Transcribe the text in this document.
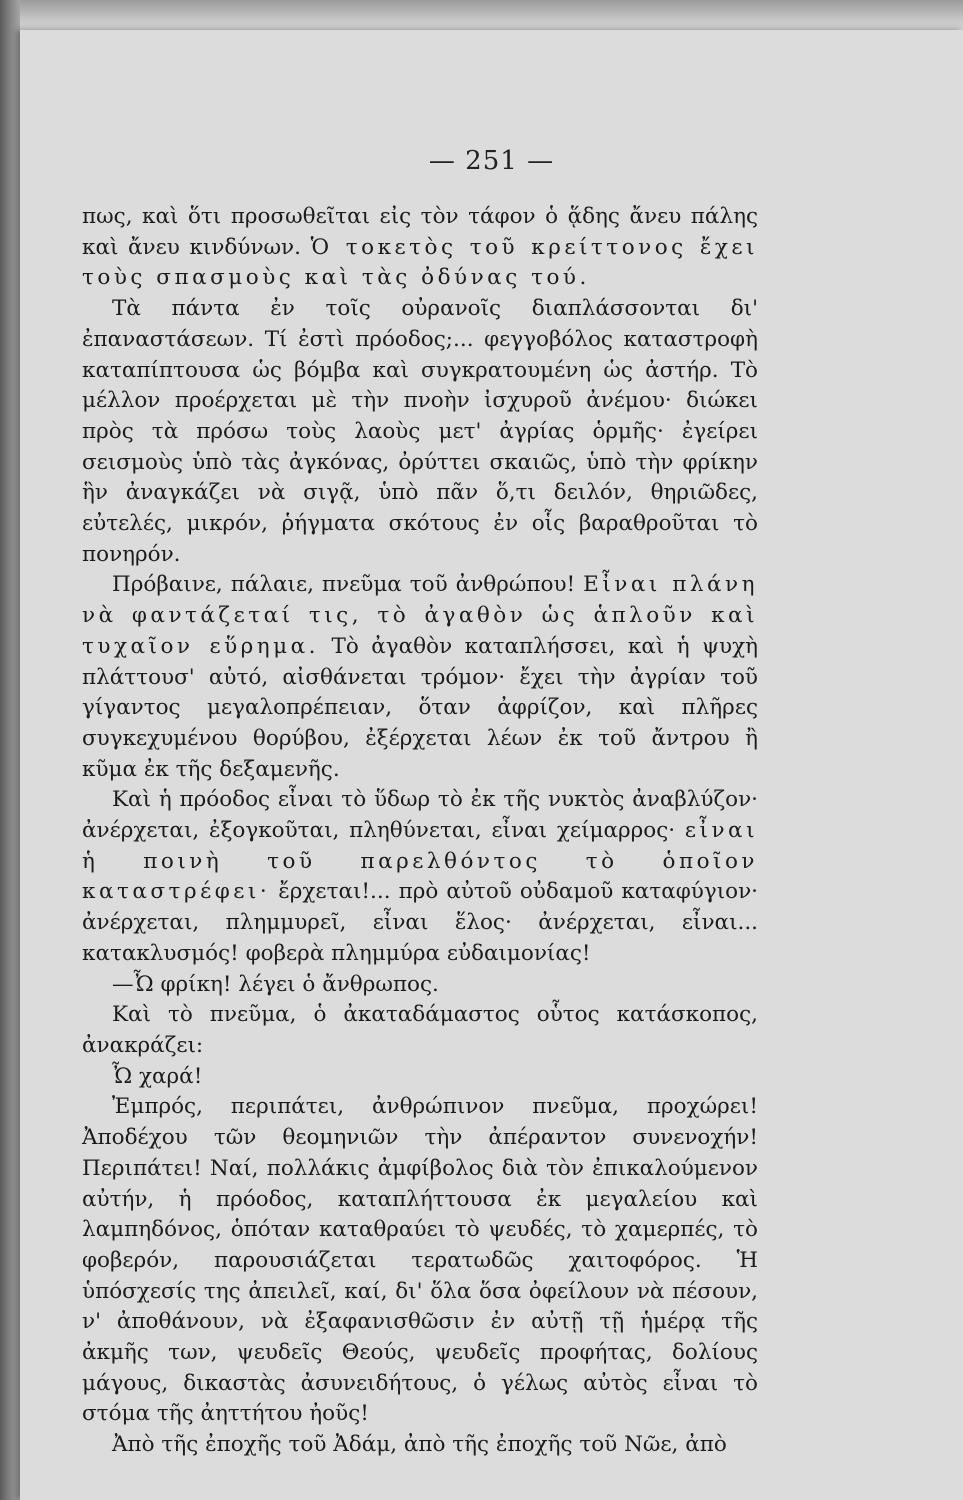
— 251 —

πως, καὶ ὅτι προσωθεῖται εἰς τὸν τάφον ὁ ᾅδης ἄνευ πάλης καὶ ἄνευ κινδύνων. Ὁ τοκετὸς τοῦ κρείττονος ἔχει τοὺς σπασμοὺς καὶ τὰς ὀδύνας τού.

Τὰ πάντα ἐν τοῖς οὐρανοῖς διαπλάσσονται δι' ἐπαναστάσεων. Τί ἐστὶ πρόοδος;... φεγγοβόλος καταστροφὴ καταπίπτουσα ὡς βόμβα καὶ συγκρατουμένη ὡς ἀστήρ. Τὸ μέλλον προέρχεται μὲ τὴν πνοὴν ἰσχυροῦ ἀνέμου· διώκει πρὸς τὰ πρόσω τοὺς λαοὺς μετ' ἀγρίας ὁρμῆς· ἐγείρει σεισμοὺς ὑπὸ τὰς ἀγκόνας, ὀρύττει σκαιῶς, ὑπὸ τὴν φρίκην ἣν ἀναγκάζει νὰ σιγᾷ, ὑπὸ πᾶν ὅ,τι δειλόν, θηριῶδες, εὐτελές, μικρόν, ῥήγματα σκότους ἐν οἷς βαραθροῦται τὸ πονηρόν.

Πρόβαινε, πάλαιε, πνεῦμα τοῦ ἀνθρώπου! Εἶναι πλάνη νὰ φαντάζεταί τις, τὸ ἀγαθὸν ὡς ἁπλοῦν καὶ τυχαῖον εὕρημα. Τὸ ἀγαθὸν καταπλήσσει, καὶ ἡ ψυχὴ πλάττουσ' αὐτό, αἰσθάνεται τρόμον· ἔχει τὴν ἀγρίαν τοῦ γίγαντος μεγαλοπρέπειαν, ὅταν ἀφρίζον, καὶ πλῆρες συγκεχυμένου θορύβου, ἐξέρχεται λέων ἐκ τοῦ ἄντρου ἢ κῦμα ἐκ τῆς δεξαμενῆς.

Καὶ ἡ πρόοδος εἶναι τὸ ὕδωρ τὸ ἐκ τῆς νυκτὸς ἀναβλύζον· ἀνέρχεται, ἐξογκοῦται, πληθύνεται, εἶναι χείμαρρος· εἶναι ἡ ποινὴ τοῦ παρελθόντος τὸ ὁποῖον καταστρέφει· ἔρχεται!... πρὸ αὐτοῦ οὐδαμοῦ καταφύγιον· ἀνέρχεται, πλημμυρεῖ, εἶναι ἕλος· ἀνέρχεται, εἶναι... κατακλυσμός! φοβερὰ πλημμύρα εὐδαιμονίας!

—Ὦ φρίκη! λέγει ὁ ἄνθρωπος.

Καὶ τὸ πνεῦμα, ὁ ἀκαταδάμαστος οὗτος κατάσκοπος, ἀνακράζει:

Ὦ χαρά!

Ἐμπρός, περιπάτει, ἀνθρώπινον πνεῦμα, προχώρει! Ἀποδέχου τῶν θεομηνιῶν τὴν ἀπέραντον συνενοχήν! Περιπάτει! Ναί, πολλάκις ἀμφίβολος διὰ τὸν ἐπικαλούμενον αὐτήν, ἡ πρόοδος, καταπλήττουσα ἐκ μεγαλείου καὶ λαμπηδόνος, ὁπόταν καταθραύει τὸ ψευδές, τὸ χαμερπές, τὸ φοβερόν, παρουσιάζεται τερατωδῶς χαιτοφόρος. Ἡ ὑπόσχεσίς της ἀπειλεῖ, καί, δι' ὅλα ὅσα ὀφείλουν νὰ πέσουν, ν' ἀποθάνουν, νὰ ἐξαφανισθῶσιν ἐν αὐτῇ τῇ ἡμέρᾳ τῆς ἀκμῆς των, ψευδεῖς Θεούς, ψευδεῖς προφήτας, δολίους μάγους, δικαστὰς ἀσυνειδήτους, ὁ γέλως αὐτὸς εἶναι τὸ στόμα τῆς ἀηττήτου ἠοῦς!

Ἀπὸ τῆς ἐποχῆς τοῦ Ἀδάμ, ἀπὸ τῆς ἐποχῆς τοῦ Νῶε, ἀπὸ
